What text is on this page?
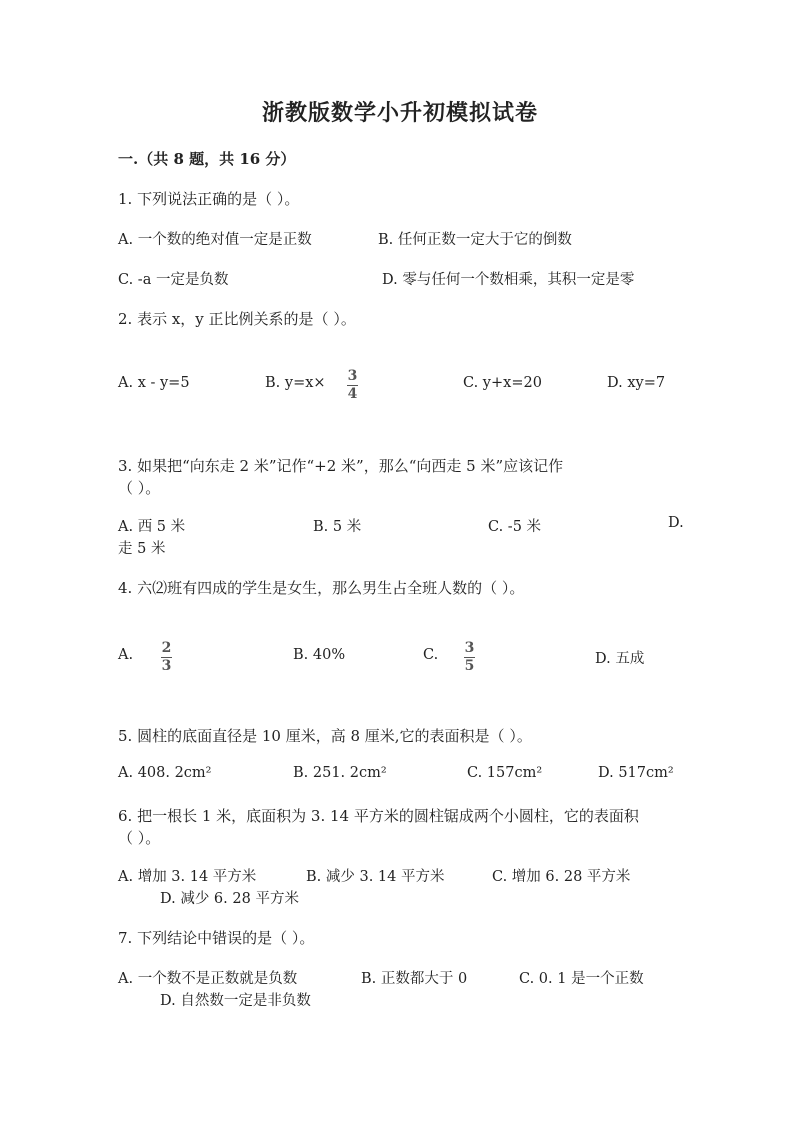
浙教版数学小升初模拟试卷
一.（共 8 题，共 16 分）
1. 下列说法正确的是（ ）。
A. 一个数的绝对值一定是正数	B. 任何正数一定大于它的倒数
C. -a 一定是负数	D. 零与任何一个数相乘，其积一定是零
2. 表示 x，y 正比例关系的是（ ）。
A. x - y=5	B. y=x× 3
4
C. y+x=20	D. xy=7
3. 如果把“向东走 2 米”记作“+2 米”，那么“向西走 5 米”应该记作
（ ）。
A. 西 5 米	B. 5 米	C. -5 米	D.
走 5 米
4. 六⑵班有四成的学生是女生，那么男生占全班人数的（ ）。
A. 2
3
B. 40%	C. 3
5	D. 五成
5. 圆柱的底面直径是 10 厘米，高 8 厘米,它的表面积是（ ）。
A. 408. 2cm²	B. 251. 2cm²	C. 157cm²	D. 517cm²
6. 把一根长 1 米，底面积为 3. 14 平方米的圆柱锯成两个小圆柱，它的表面积
（ ）。
A. 增加 3. 14 平方米	B. 减少 3. 14 平方米	C. 增加 6. 28 平方米
D. 减少 6. 28 平方米
7. 下列结论中错误的是（ ）。
A. 一个数不是正数就是负数	B. 正数都大于 0	C. 0. 1 是一个正数
D. 自然数一定是非负数
